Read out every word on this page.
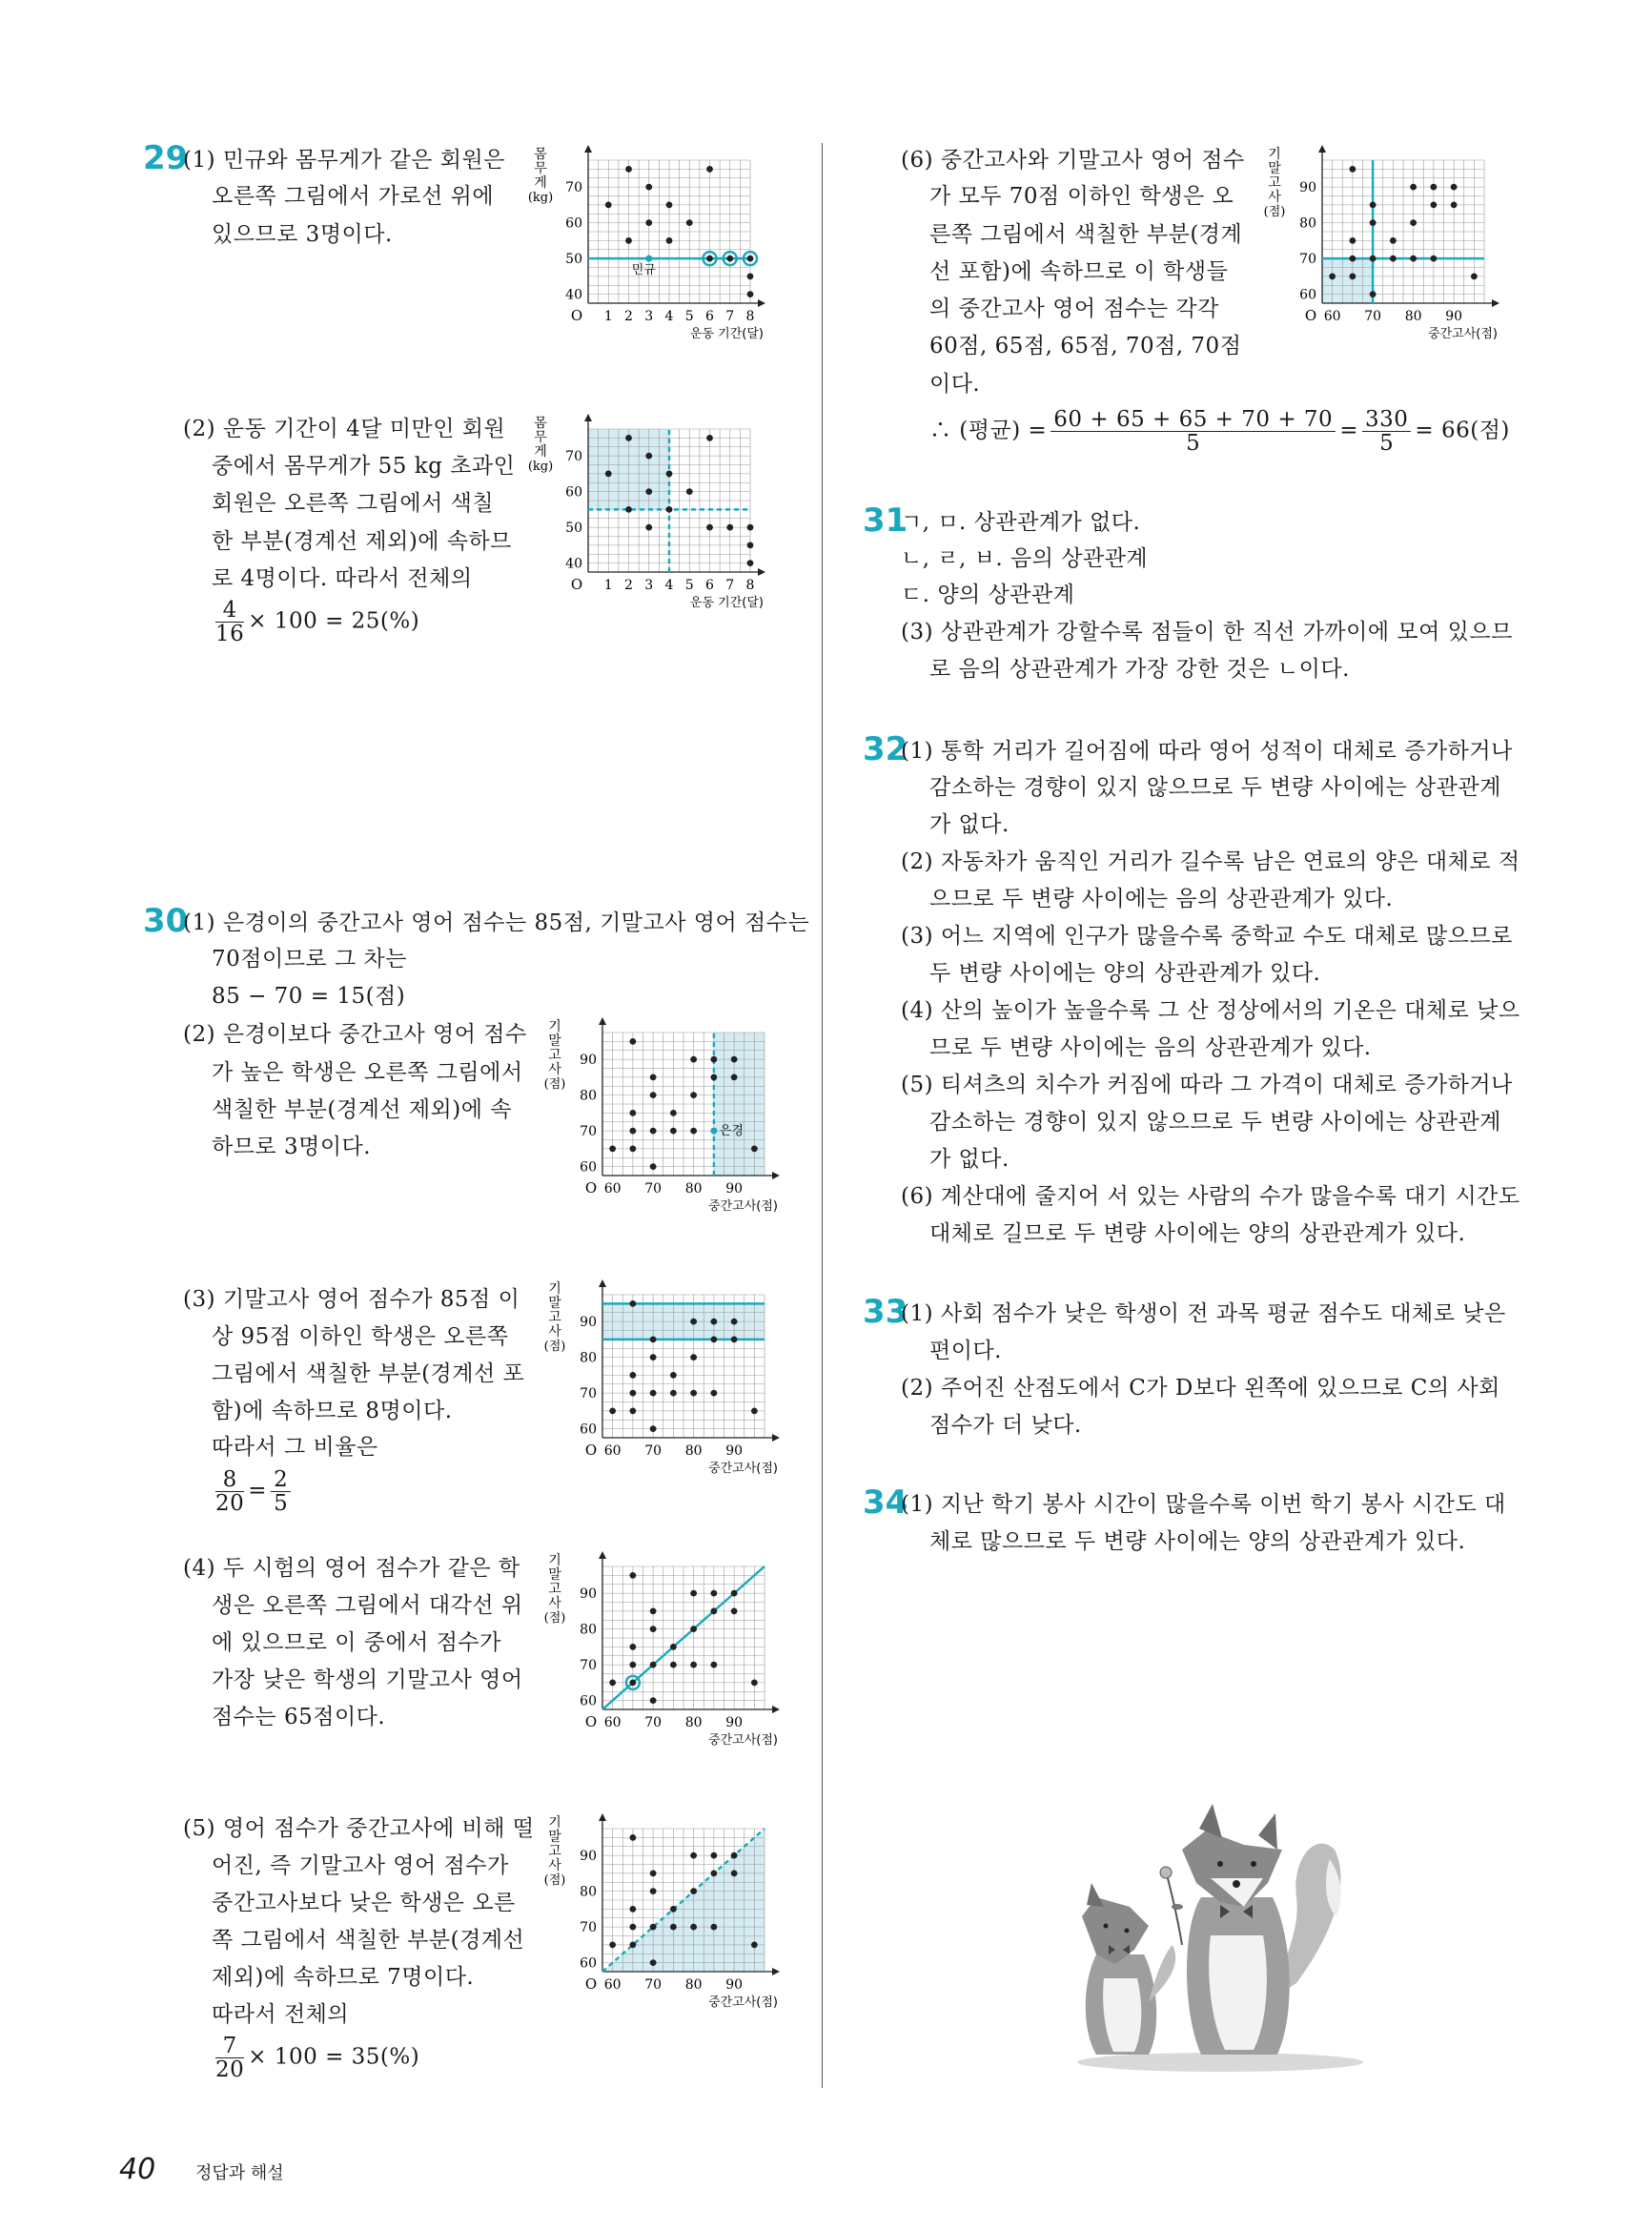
29
(1) 민규와 몸무게가 같은 회원은
오른쪽 그림에서 가로선 위에
있으므로 3명이다.
(2) 운동 기간이 4달 미만인 회원
중에서 몸무게가 55 kg 초과인
회원은 오른쪽 그림에서 색칠
한 부분(경계선 제외)에 속하므
로 4명이다. 따라서 전체의
$\frac{4}{16} \times 100 = 25(\%)$
30
(1) 은경이의 중간고사 영어 점수는 85점, 기말고사 영어 점수는
70점이므로 그 차는
85 − 70 = 15(점)
(2) 은경이보다 중간고사 영어 점수
가 높은 학생은 오른쪽 그림에서
색칠한 부분(경계선 제외)에 속
하므로 3명이다.
(3) 기말고사 영어 점수가 85점 이
상 95점 이하인 학생은 오른쪽
그림에서 색칠한 부분(경계선 포
함)에 속하므로 8명이다.
따라서 그 비율은
$\frac{8}{20} = \frac{2}{5}$
(4) 두 시험의 영어 점수가 같은 학
생은 오른쪽 그림에서 대각선 위
에 있으므로 이 중에서 점수가
가장 낮은 학생의 기말고사 영어
점수는 65점이다.
(5) 영어 점수가 중간고사에 비해 떨
어진, 즉 기말고사 영어 점수가
중간고사보다 낮은 학생은 오른
쪽 그림에서 색칠한 부분(경계선
제외)에 속하므로 7명이다.
따라서 전체의
$\frac{7}{20} \times 100 = 35(\%)$
1 2 3 4 5 6 7 8
40
50
60
70
O
운동 기간(달)
몸
무
게
(kg)
민규
1 2 3 4 5 6 7 8
40
50
60
70
O
운동 기간(달)
몸
무
게
(kg)
60 70 80 90
60
70
80
90
O
중간고사(점)
기
말
고
사
(점)
은경
60 70 80 90
60
70
80
90
O
중간고사(점)
기
말
고
사
(점)
60 70 80 90
60
70
80
90
O
중간고사(점)
기
말
고
사
(점)
60 70 80 90
60
70
80
90
O
중간고사(점)
기
말
고
사
(점)
(6) 중간고사와 기말고사 영어 점수
가 모두 70점 이하인 학생은 오
른쪽 그림에서 색칠한 부분(경계
선 포함)에 속하므로 이 학생들
의 중간고사 영어 점수는 각각
60점, 65점, 65점, 70점, 70점
이다.
∴ (평균) = $\frac{60 + 65 + 65 + 70 + 70}{5} = \frac{330}{5} = 66$(점)
60 70 80 90
60
70
80
90
O
중간고사(점)
기
말
고
사
(점)
31
ㄱ, ㅁ. 상관관계가 없다.
ㄴ, ㄹ, ㅂ. 음의 상관관계
ㄷ. 양의 상관관계
(3) 상관관계가 강할수록 점들이 한 직선 가까이에 모여 있으므
로 음의 상관관계가 가장 강한 것은 ㄴ이다.
32
(1) 통학 거리가 길어짐에 따라 영어 성적이 대체로 증가하거나
감소하는 경향이 있지 않으므로 두 변량 사이에는 상관관계
가 없다.
(2) 자동차가 움직인 거리가 길수록 남은 연료의 양은 대체로 적
으므로 두 변량 사이에는 음의 상관관계가 있다.
(3) 어느 지역에 인구가 많을수록 중학교 수도 대체로 많으므로
두 변량 사이에는 양의 상관관계가 있다.
(4) 산의 높이가 높을수록 그 산 정상에서의 기온은 대체로 낮으
므로 두 변량 사이에는 음의 상관관계가 있다.
(5) 티셔츠의 치수가 커짐에 따라 그 가격이 대체로 증가하거나
감소하는 경향이 있지 않으므로 두 변량 사이에는 상관관계
가 없다.
(6) 계산대에 줄지어 서 있는 사람의 수가 많을수록 대기 시간도
대체로 길므로 두 변량 사이에는 양의 상관관계가 있다.
33
(1) 사회 점수가 낮은 학생이 전 과목 평균 점수도 대체로 낮은
편이다.
(2) 주어진 산점도에서 C가 D보다 왼쪽에 있으므로 C의 사회
점수가 더 낮다.
34
(1) 지난 학기 봉사 시간이 많을수록 이번 학기 봉사 시간도 대
체로 많으므로 두 변량 사이에는 양의 상관관계가 있다.
40 정답과 해설
